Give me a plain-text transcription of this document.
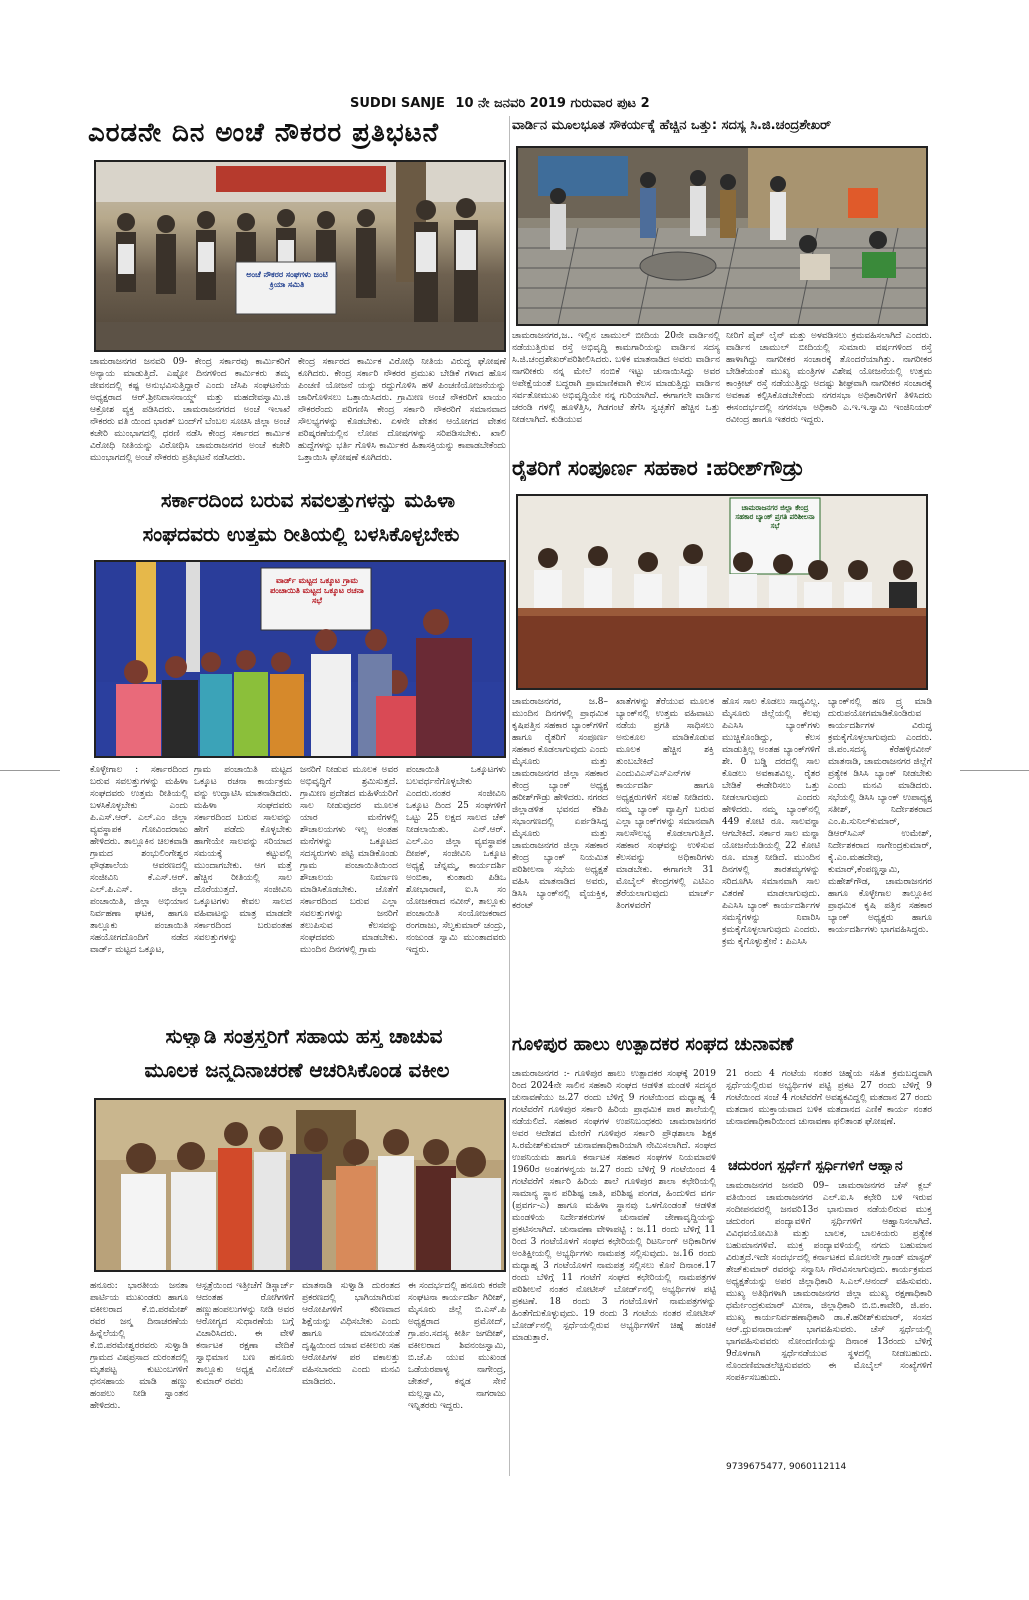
SUDDI SANJE 10 ನೇ ಜನವರಿ 2019 ಗುರುವಾರ ಪುಟ 2
ಎರಡನೇ ದಿನ ಅಂಚೆ ನೌಕರರ ಪ್ರತಿಭಟನೆ
ಅಂಚೆ ನೌಕರರ ಸಂಘಗಳು ಜಂಟಿ ಕ್ರಿಯಾ ಸಮಿತಿ
ಚಾಮರಾಜನಗರ ಜನವರಿ 09- ಕೇಂದ್ರ ಸರ್ಕಾರವು ಕಾರ್ಮಿಕರಿಗೆ ಅನ್ಯಾಯ ಮಾಡುತ್ತಿದೆ. ಎಷ್ಟೋ ದಿನಗಳಿಂದ ಕಾರ್ಮಿಕರು ತಮ್ಮ ಜೀವನದಲ್ಲಿ ಕಷ್ಟ ಅನುಭವಿಸುತ್ತಿದ್ದಾರೆ ಎಂದು ಜೆಸಿಪಿ ಸಂಘಟನೆಯ ಅಧ್ಯಕ್ಷರಾದ ಆರ್.ಶ್ರೀನಿವಾಸನಾಯ್ಡ್ ಮತ್ತು ಮಹದೇವಸ್ವಾಮಿ.ಜಿ ಆಕ್ರೋಶ ವ್ಯಕ್ತ ಪಡಿಸಿದರು. ಚಾಮರಾಜನಗರದ ಅಂಚೆ ಇಲಾಖೆ ನೌಕರರು ವತಿ ಯಿಂದ ಭಾರತ್ ಬಂದ್‌ಗೆ ಬೆಂಬಲ ಸೂಚಿಸಿ ಜಿಲ್ಲಾ ಅಂಚೆ ಕಚೇರಿ ಮುಂಭಾಗದಲ್ಲಿ ಧರಣಿ ನಡೆಸಿ ಕೇಂದ್ರ ಸರ್ಕಾರದ ಕಾರ್ಮಿಕ ವಿರೋಧಿ ನೀತಿಯನ್ನು ವಿರೋಧಿಸಿ ಚಾಮರಾಜನಗರ ಅಂಚೆ ಕಚೇರಿ ಮುಂಭಾಗದಲ್ಲಿ ಅಂಚೆ ನೌಕರರು ಪ್ರತಿಭಟನೆ ನಡೆಸಿದರು.
ಕೇಂದ್ರ ಸರ್ಕಾರದ ಕಾರ್ಮಿಕ ವಿರೋಧಿ ನೀತಿಯ ವಿರುದ್ಧ ಘೋಷಣೆ ಕೂಗಿದರು. ಕೇಂದ್ರ ಸರ್ಕಾರಿ ನೌಕರರ ಪ್ರಮುಖ ಬೇಡಿಕೆ ಗಳಾದ ಹೊಸ ಪಿಂಚಣಿ ಯೋಜನೆ ಯನ್ನು ರದ್ದುಗೊಳಿಸಿ ಹಳೆ ಪಿಂಚಣಿಯೋಜನೆಯನ್ನು ಜಾರಿಗೊಳಿಸಲು ಒತ್ತಾಯಿಸಿದರು. ಗ್ರಾಮೀಣ ಅಂಚೆ ನೌಕರರಿಗೆ ಖಾಯಂ ನೌಕರರೆಂದು ಪರಿಗಣಿಸಿ ಕೇಂದ್ರ ಸರ್ಕಾರಿ ನೌಕರರಿಗೆ ಸಮಾನವಾದ ಸೌಲಭ್ಯಗಳನ್ನು ಕೊಡಬೇಕು. ಏಳನೇ ವೇತನ ಆಯೋಗದ ವೇತನ ಪರಿಷ್ಕರಣೆಯಲ್ಲಿನ ಲೋಪ ದೋಷಗಳನ್ನು ಸರಿಪಡಿಸಬೇಕು. ಖಾಲಿ ಹುದ್ದೆಗಳನ್ನು ಭರ್ತಿ ಗೊಳಿಸಿ ಕಾರ್ಮಿಕರ ಹಿತಾಸಕ್ತಿಯನ್ನು ಕಾಪಾಡಬೇಕೆಂದು ಒತ್ತಾಯಿಸಿ ಘೋಷಣೆ ಕೂಗಿದರು.
ಸರ್ಕಾರದಿಂದ ಬರುವ ಸವಲತ್ತುಗಳನ್ನು ಮಹಿಳಾ
ಸಂಘದವರು ಉತ್ತಮ ರೀತಿಯಲ್ಲಿ ಬಳಸಿಕೊಳ್ಳಬೇಕು
ವಾರ್ಡ್ ಮಟ್ಟದ ಒಕ್ಕೂಟ ಗ್ರಾಮ ಪಂಚಾಯಿತಿ ಮಟ್ಟದ ಒಕ್ಕೂಟ ರಚನಾ ಸಭೆ
ಕೊಳ್ಳೇಗಾಲ : ಸರ್ಕಾರದಿಂದ ಬರುವ ಸವಲತ್ತುಗಳನ್ನು ಮಹಿಳಾ ಸಂಘದವರು ಉತ್ತಮ ರೀತಿಯಲ್ಲಿ ಬಳಸಿಕೊಳ್ಳಬೇಕು ಎಂದು ಪಿ.ಎಸ್.ಆರ್. ಎಲ್.ಎಂ ಜಿಲ್ಲಾ ವ್ಯವಸ್ಥಾಪಕ ಗೋವಿಂದರಾಜು ಹೇಳಿದರು. ತಾಲ್ಲೂಕಿನ ಚಿಲಕವಾಡಿ ಗ್ರಾಮದ ಶಂಭುಲಿಂಗೇಶ್ವರ ಫೌಢಶಾಲೆಯ ಆವರಣದಲ್ಲಿ ಸಂಜೀವಿನಿ ಕೆ.ಎಸ್.ಆರ್. ಎಲ್.ಪಿ.ಎಸ್. ಜಿಲ್ಲಾ ಪಂಚಾಯಿತಿ, ಜಿಲ್ಲಾ ಅಭಿಯಾನ ನಿರ್ವಹಣಾ ಘಟಕ, ಹಾಗೂ ತಾಲ್ಲೂಕು ಪಂಚಾಯಿತಿ ಸಹಯೋಗದೊಂದಿಗೆ ನಡೆದ ವಾರ್ಡ್ ಮಟ್ಟದ ಒಕ್ಕೂಟ,
ಗ್ರಾಮ ಪಂಚಾಯಿತಿ ಮಟ್ಟದ ಒಕ್ಕೂಟ ರಚನಾ ಕಾರ್ಯಕ್ರಮ ವನ್ನು ಉದ್ಘಾಟಿಸಿ ಮಾತನಾಡಿದರು. ಮಹಿಳಾ ಸಂಘದವರು ಸರ್ಕಾರದಿಂದ ಬರುವ ಸಾಲವನ್ನು ಹೇಗೆ ಪಡೆದು ಕೊಳ್ಳಬೇಕು ಹಾಗೇಯೇ ಸಾಲವನ್ನು ಸರಿಯಾದ ಸಮಯಕ್ಕೆ ಕಟ್ಟುವಲ್ಲಿ ಮುಂದಾಗಬೇಕು. ಆಗ ಮತ್ತೆ ಹೆಚ್ಚಿನ ರೀತಿಯಲ್ಲಿ ಸಾಲ ದೊರೆಯುತ್ತದೆ. ಸಂಜೀವಿನಿ ಒಕ್ಕೂಟಗಳು ಕೇವಲ ಸಾಲದ ವಹಿವಾಟನ್ನು ಮಾತ್ರ ಮಾಡದೇ ಸರ್ಕಾರದಿಂದ ಬರುವಂತಹ ಸವಲತ್ತುಗಳನ್ನು
ಜನರಿಗೆ ನೀಡುವ ಮೂಲಕ ಅವರ ಅಭಿವೃದ್ಧಿಗೆ ಶ್ರಮಿಸುತ್ತದೆ. ಗ್ರಾಮೀಣ ಪ್ರದೇಶದ ಮಹಿಳೆಯರಿಗೆ ಸಾಲ ನೀಡುವುದರ ಮೂಲಕ ಯಾರ ಮನೆಗಳಲ್ಲಿ ಶೌಚಾಲಯಗಳು ಇಲ್ಲ ಅಂತಹ ಮನೆಗಳನ್ನು ಒಕ್ಕೂಟದ ಸದಸ್ಯರುಗಳು ಪಟ್ಟಿ ಮಾಡಿಕೊಂಡು ಗ್ರಾಮ ಪಂಚಾಯಿತಿಯಿಂದ ಶೌಚಾಲಯ ನಿರ್ಮಾಣ ಮಾಡಿಸಿಕೊಡಬೇಕು. ಜೊತೆಗೆ ಸರ್ಕಾರದಿಂದ ಬರುವ ಎಲ್ಲಾ ಸವಲತ್ತುಗಳನ್ನು ಜನರಿಗೆ ತಲುಪಿಸುವ ಕೆಲಸವನ್ನು ಸಂಘದವರು ಮಾಡಬೇಕು. ಮುಂದಿನ ದಿನಗಳಲ್ಲಿ ಗ್ರಾಮ
ಪಂಚಾಯಿತಿ ಒಕ್ಕೂಟಗಳು ಬಲವರ್ಧನೆಗೊಳ್ಳಬೇಕು ಎಂದರು.ನಂತರ ಸಂಜೀವಿನಿ ಒಕ್ಕೂಟ ದಿಂದ 25 ಸಂಘಗಳಿಗೆ ಒಟ್ಟು 25 ಲಕ್ಷದ ಸಾಲದ ಚೆಕ್ ನೀಡಲಾಯಿತು. ಎನ್.ಆರ್. ಎಲ್.ಎಂ ಜಿಲ್ಲಾ ವ್ಯವಸ್ಥಾಪಕ ದೀಪಕ್, ಸಂಜೀವಿನಿ ಒಕ್ಕೂಟ ಅಧ್ಯಕ್ಷೆ ಚೆನ್ನಮ್ಮ, ಕಾರ್ಯದರ್ಶಿ ಅಂಬಿಕಾ, ಕುಂತಾರು ಪಿಡಿಒ ಶೋಭಾರಾಣಿ, ಐ.ಸಿ ಸಂ ಯೋಜಕರಾದ ನವೀನ್, ತಾಲ್ಲೂಕು ಪಂಚಾಯಿತಿ ಸಂಯೋಜಕರಾದ ರಂಗರಾಜು, ಸೆಲ್ವಕುಮಾರ್ ಚಂದ್ರು, ನಂಜುಂಡ ಸ್ವಾಮಿ ಮುಂತಾದವರು ಇದ್ದರು.
ಸುಳ್ವಾಡಿ ಸಂತ್ರಸ್ತರಿಗೆ ಸಹಾಯ ಹಸ್ತ ಚಾಚುವ
ಮೂಲಕ ಜನ್ಮದಿನಾಚರಣೆ ಆಚರಿಸಿಕೊಂಡ ವಕೀಲ
ಹನೂರು: ಭಾರತೀಯ ಜನತಾ ಪಾರ್ಟಿಯ ಮುಖಂಡರು ಹಾಗೂ ವಕೀಲರಾದ ಕೆ.ಬಿ.ಪರಮೇಶ್ ರವರ ಜನ್ಮ ದಿನಾಚರಣೆಯ ಹಿನ್ನೆಲೆಯಲ್ಲಿ ಕೆ.ಬಿ.ಪರಮೇಶ್ವರರವರು ಸುಳ್ವಾಡಿ ಗ್ರಾಮದ ವಿಷಪ್ರಸಾದ ದುರಂತದಲ್ಲಿ ಮೃತಪಟ್ಟ ಕುಟುಂಬಗಳಿಗೆ ಧನಸಹಾಯ ಮಾಡಿ ಹಣ್ಣು ಹಂಪಲು ನೀಡಿ ಸ್ವಾಂತನ ಹೇಳಿದರು.
ಆಸ್ಪತ್ರೆಯಿಂದ ಇತ್ತೀಚೆಗೆ ಡಿಸ್ಚಾರ್ಜ್ ಆದಂತಹ ರೋಗಿಗಳಿಗೆ ಹಣ್ಣುಹಂಪಲುಗಳನ್ನು ನೀಡಿ ಅವರ ಆರೋಗ್ಯದ ಸುಧಾರಣೆಯ ಬಗ್ಗೆ ವಿಚಾರಿಸಿದರು. ಈ ವೇಳೆ ಕರ್ನಾಟಕ ರಕ್ಷಣಾ ವೇದಿಕೆ ಸ್ವಾಭಿಮಾನ ಬಣ ಹನೂರು ತಾಲ್ಲೂಕು ಅಧ್ಯಕ್ಷ ವಿನೋದ್ ಕುಮಾರ್ ರವರು
ಮಾತನಾಡಿ ಸುಳ್ವಾಡಿ ದುರಂತದ ಪ್ರಕರಣದಲ್ಲಿ ಭಾಗಿಯಾಗಿರುವ ಆರೋಪಿಗಳಿಗೆ ಕಠಿಣವಾದ ಶಿಕ್ಷೆಯನ್ನು ವಿಧಿಸಬೇಕು ಎಂದು ಹಾಗೂ ಮಾನವೀಯತೆ ದೃಷ್ಟಿಯಿಂದ ಯಾವ ವಕೀಲರು ಸಹ ಆರೋಪಿಗಳ ಪರ ವಕಾಲತ್ತು ವಹಿಸಬಾರದು ಎಂದು ಮನವಿ ಮಾಡಿದರು.
ಈ ಸಂದರ್ಭದಲ್ಲಿ ಹನೂರು ಕರವೇ ಸಂಘಟನಾ ಕಾರ್ಯದರ್ಶಿ ಗಿರೀಶ್, ಮೈಸೂರು ಜಿಲ್ಲೆ ಬಿ.ಎಸ್.ಪಿ ಅಧ್ಯಕ್ಷರಾದ ಪ್ರಮೋದ್, ಗ್ರಾ.ಪಂ.ಸದಸ್ಯ ಕೀರ್ತಿ ಜಗದೀಶ್, ವಕೀಲರಾದ ಶಿವನಂಜಸ್ವಾಮಿ, ಬಿ.ಜೆ.ಪಿ ಯುವ ಮುಖಂಡ ಒಡೆಯರಪಾಳ್ಯ ನಾಗೇಂದ್ರ, ಚೇತನ್, ಕನ್ನಡ ಸೇನೆ ಮಲ್ಲಸ್ವಾಮಿ, ನಾಗರಾಜು ಇನ್ನಿತರರು ಇದ್ದರು.
ವಾರ್ಡಿನ ಮೂಲಭೂತ ಸೌಕರ್ಯಕ್ಕೆ ಹೆಚ್ಚಿನ ಒತ್ತು: ಸದಸ್ಯ ಸಿ.ಜಿ.ಚಂದ್ರಶೇಖರ್
ಚಾಮರಾಜನಗರ,ಜ.. ಇಲ್ಲಿನ ಚಾಮುಲ್ ಬೀದಿಯ 20ನೇ ವಾರ್ಡಿನಲ್ಲಿ ನಡೆಯುತ್ತಿರುವ ರಸ್ತೆ ಅಭಿವೃದ್ಧಿ ಕಾಮಗಾರಿಯನ್ನು ವಾರ್ಡಿನ ಸದಸ್ಯ ಸಿ.ಜಿ.ಚಂದ್ರಶೇಖರ್‌ಪರಿಶೀಲಿಸಿದರು. ಬಳಿಕ ಮಾತನಾಡಿದ ಅವರು ವಾರ್ಡಿನ ನಾಗರೀಕರು ನನ್ನ ಮೇಲೆ ನಂಬಿಕೆ ಇಟ್ಟು ಚುನಾಯಿಸಿದ್ದು ಅವರ ಅಪೇಕ್ಷೆಯಂತೆ ಬದ್ಧರಾಗಿ ಪ್ರಾಮಾಣಿಕವಾಗಿ ಕೆಲಸ ಮಾಡುತ್ತಿದ್ದು ವಾರ್ಡಿನ ಸರ್ವತೋಮುಖ ಅಭಿವೃದ್ಧಿಯೇ ನನ್ನ ಗುರಿಯಾಗಿದೆ. ಈಗಾಗಲೇ ವಾರ್ಡಿನ ಚರಂಡಿ ಗಳಲ್ಲಿ ಹೂಳೆತ್ತಿಸಿ, ಗಿಡಗಂಟೆ ತೆಗೆಸಿ ಸ್ವಚ್ಛತೆಗೆ ಹೆಚ್ಚಿನ ಒತ್ತು ನೀಡಲಾಗಿದೆ. ಕುಡಿಯುವ
ನೀರಿಗೆ ಪೈಪ್ ಲೈನ್ ಮತ್ತು ಅಳವಡಿಸಲು ಕ್ರಮವಹಿಸಲಾಗಿದೆ ಎಂದರು. ವಾರ್ಡಿನ ಚಾಮುಲ್ ಬೀದಿಯಲ್ಲಿ ಸುಮಾರು ವರ್ಷಗಳಿಂದ ರಸ್ತೆ ಹಾಳಾಗಿದ್ದು ನಾಗರೀಕರ ಸಂಚಾರಕ್ಕೆ ತೊಂದರೆಯಾಗಿತ್ತು. ನಾಗರೀಕರ ಬೇಡಿಕೆಯಂತೆ ಮುಖ್ಯ ಮಂತ್ರಿಗಳ ವಿಶೇಷ ಯೋಜನೆಯಲ್ಲಿ ಉತ್ತಮ ಕಾಂಕ್ರೀಟ್ ರಸ್ತೆ ನಡೆಯುತ್ತಿದ್ದು ಅದಷ್ಟು ಶೀಘ್ರವಾಗಿ ನಾಗರೀಕರ ಸಂಚಾರಕ್ಕೆ ಅವಕಾಶ ಕಲ್ಪಿಸಿಕೊಡಬೇಕೆಂದು ನಗರಸಭಾ ಅಧಿಕಾರಿಗಳಿಗೆ ತಿಳಿಸಿದರು ಈಸಂದರ್ಭದಲ್ಲಿ ನಗರಸಭಾ ಅಧಿಕಾರಿ ಎ.ಇ.ಇ.ಸ್ವಾಮಿ ಇಂಜಿನಿಯರ್ ರವೀಂದ್ರ ಹಾಗೂ ಇತರರು ಇದ್ದರು.
ರೈತರಿಗೆ ಸಂಪೂರ್ಣ ಸಹಕಾರ :ಹರೀಶ್‌ಗೌಡ್ರು
ಚಾಮರಾಜನಗರ ಜಿಲ್ಲಾ ಕೇಂದ್ರ ಸಹಕಾರ ಬ್ಯಾಂಕ್ ಪ್ರಗತಿ ಪರಿಶೀಲನಾ ಸಭೆ
ಚಾಮರಾಜನಗರ, ಜ.8– ಮುಂದಿನ ದಿನಗಳಲ್ಲಿ ಪ್ರಾಥಮಿಕ ಕೃಷಿಪತ್ತಿನ ಸಹಕಾರ ಬ್ಯಾಂಕ್‌ಗಳಿಗೆ ಹಾಗೂ ರೈತರಿಗೆ ಸಂಪೂರ್ಣ ಸಹಕಾರ ಕೊಡಲಾಗುವುದು ಎಂದು ಮೈಸೂರು ಮತ್ತು ಚಾಮರಾಜನಗರ ಜಿಲ್ಲಾ ಸಹಕಾರ ಕೇಂದ್ರ ಬ್ಯಾಂಕ್ ಅಧ್ಯಕ್ಷ ಹರೀಶ್‌ಗೌಡ್ರು ಹೇಳಿದರು. ನಗರದ ಜಿಲ್ಲಾಡಳಿತ ಭವನದ ಕೆಡಿಪಿ ಸಭಾಂಗಣದಲ್ಲಿ ಏರ್ಪಡಿಸಿದ್ದ ಮೈಸೂರು ಮತ್ತು ಚಾಮರಾಜನಗರ ಜಿಲ್ಲಾ ಸಹಕಾರ ಕೇಂದ್ರ ಬ್ಯಾಂಕ್ ನಿಯಮಿತ ಪರಿಶೀಲನಾ ಸಭೆಯ ಅಧ್ಯಕ್ಷತೆ ವಹಿಸಿ ಮಾತನಾಡಿದ ಅವರು, ಡಿಸಿಸಿ ಬ್ಯಾಂಕ್‌ನಲ್ಲಿ ವೈಯಕ್ತಿಕ, ಕರಂಟ್
ಖಾತೆಗಳನ್ನು ತೆರೆಯುವ ಮೂಲಕ ಬ್ಯಾಂಕ್‌ನಲ್ಲಿ ಉತ್ತಮ ವಹಿವಾಟು ನಡೆಯ ಪ್ರಗತಿ ಸಾಧಿಸಲು ಅನುಕೂಲ ಮಾಡಿಕೊಡುವ ಮೂಲಕ ಹೆಚ್ಚಿನ ಶಕ್ತಿ ತುಂಬಬೇಕಿದೆ ಎಂದುವಿಎಸ್ಎಸ್ಎನ್‌ಗಳ ಕಾರ್ಯದರ್ಶಿ ಹಾಗೂ ಅಧ್ಯಕ್ಷರುಗಳಿಗೆ ಸಲಹೆ ನೀಡಿದರು. ನಮ್ಮ ಬ್ಯಾಂಕ್ ವ್ಯಾಪ್ತಿಗೆ ಬರುವ ಎಲ್ಲಾ ಬ್ಯಾಂಕ್‌ಗಳನ್ನು ಸಮಾನವಾಗಿ ಸಾಲಸೌಲಭ್ಯ ಕೊಡಲಾಗುತ್ತಿದೆ. ಸಹಕಾರ ಸಂಘವನ್ನು ಉಳಿಸುವ ಕೆಲಸವನ್ನು ಅಧಿಕಾರಿಗಳು ಮಾಡಬೇಕು. ಈಗಾಗಲೇ 31 ಮೊಬೈಲ್ ಕೇಂದ್ರಗಳಲ್ಲಿ ಎಟಿಎಂ ತೆರೆಯಲಾಗುವುದು ಮಾರ್ಚ್ ತಿಂಗಳವರೆಗೆ
ಹೊಸ ಸಾಲ ಕೊಡಲು ಸಾಧ್ಯವಿಲ್ಲ. ಮೈಸೂರು ಜಿಲ್ಲೆಯಲ್ಲಿ ಕೆಲವು ಪಿಎಸಿಸಿ ಬ್ಯಾಂಕ್‌ಗಳು ಮುಚ್ಚಿಕೊಂಡಿದ್ದು, ಕೆಲಸ ಮಾಡುತ್ತಿಲ್ಲ ಅಂತಹ ಬ್ಯಾಂಕ್‌ಗಳಿಗೆ ಶೇ. 0 ಬಡ್ಡಿ ದರದಲ್ಲಿ ಸಾಲ ಕೊಡಲು ಅವಕಾಶವಿಲ್ಲ. ರೈತರ ಬೇಡಿಕೆ ಈಡೇರಿಸಲು ಒತ್ತು ನೀಡಲಾಗುವುದು ಎಂದರು ಹೇಳಿದರು. ನಮ್ಮ ಬ್ಯಾಂಕ್‌ನಲ್ಲಿ 449 ಕೋಟಿ ರೂ. ಸಾಲವನ್ನಾ ಆಗಬೇಕಿದೆ. ಸರ್ಕಾರ ಸಾಲ ಮನ್ನಾ ಯೋಜನೆಯಡಿಯಲ್ಲಿ 22 ಕೋಟಿ ರೂ. ಮಾತ್ರ ನೀಡಿದೆ. ಮುಂದಿನ ದಿನಗಳಲ್ಲಿ ತಾರತಮ್ಯಗಳನ್ನು ಸರಿದೂಗಿಸಿ ಸಮಾನವಾಗಿ ಸಾಲ ವಿತರಣೆ ಮಾಡಲಾಗುವುದು. ಪಿಎಸಿಸಿ ಬ್ಯಾಂಕ್ ಕಾರ್ಯದರ್ಶಿಗಳ ಸಮಸ್ಯೆಗಳನ್ನು ನಿವಾರಿಸಿ ಕ್ರಮಕೈಗೊಳ್ಳಲಾಗುವುದು ಎಂದರು. ಕ್ರಮ ಕೈಗೊಳ್ಳುತ್ತೇನೆ : ಪಿಎಸಿಸಿ
ಬ್ಯಾಂಕ್‌ನಲ್ಲಿ ಹಣ ದ್ರ್ಯ ಮಾಡಿ ದುರುಪಯೋಗಮಾಡಿಕೊಂಡಿರುವ ಕಾರ್ಯದರ್ಶಿಗಳ ವಿರುದ್ಧ ಕ್ರಮಕೈಗೊಳ್ಳಲಾಗುವುದು ಎಂದರು. ಜಿ.ಪಂ.ಸದಸ್ಯ ಕೆರೆಹಳ್ಳಿನವೀನ್ ಮಾತನಾಡಿ, ಚಾಮರಾಜನಗರ ಜಿಲ್ಲೆಗೆ ಪ್ರತ್ಯೇಕ ಡಿಸಿಸಿ ಬ್ಯಾಂಕ್ ನೀಡಬೇಕು ಎಂದು ಮನವಿ ಮಾಡಿದರು. ಸಭೆಯಲ್ಲಿ ಡಿಸಿಸಿ ಬ್ಯಾಂಕ್ ಉಪಾಧ್ಯಕ್ಷ ಸತೀಶ್, ನಿರ್ದೇಶಕರಾದ ಎಂ.ಪಿ.ಸುನಿಲ್‌ಕುಮಾರ್, ಡಿಆರ್‌ಸಿಎಸ್ ಉಮೇಶ್, ನಿರ್ದೇಶಕರಾದ ನಾಗೇಂದ್ರಕುಮಾರ್, ಕೈ.ಎಂ.ಮಹದೇವು, ಕುಮಾರ್,ಕೆಂಪಣ್ಣಸ್ವಾಮಿ, ಮಹೇಶ್‌ಗೌಡ, ಚಾಮರಾಜನಗರ ಹಾಗೂ ಕೊಳ್ಳೇಗಾಲ ತಾಲ್ಲೂಕಿನ ಪ್ರಾಥಮಿಕ ಕೃಷಿ ಪತ್ತಿನ ಸಹಕಾರ ಬ್ಯಾಂಕ್ ಅಧ್ಯಕ್ಷರು ಹಾಗೂ ಕಾರ್ಯದರ್ಶಿಗಳು ಭಾಗವಹಿಸಿದ್ದರು.
ಗೂಳಿಪುರ ಹಾಲು ಉತ್ಪಾದಕರ ಸಂಘದ ಚುನಾವಣೆ
ಚಾಮರಾಜನಗರ :- ಗೂಳಿಪುರ ಹಾಲು ಉತ್ಪಾದಕರ ಸಂಘಕ್ಕೆ 2019 ರಿಂದ 2024ನೇ ಸಾಲಿನ ಸಹಕಾರಿ ಸಂಘದ ಆಡಳಿತ ಮಂಡಳಿ ಸದಸ್ಯರ ಚುನಾವಣೆಯು ಜ.27 ರಂದು ಬೆಳಿಗ್ಗೆ 9 ಗಂಟೆಯಿಂದ ಮಧ್ಯಾಹ್ನ 4 ಗಂಟೆವರೆಗೆ ಗೂಳಿಪುರ ಸರ್ಕಾರಿ ಹಿರಿಯ ಪ್ರಾಥಮಿಕ ಪಾಠ ಶಾಲೆಯಲ್ಲಿ ನಡೆಯಲಿದೆ. ಸಹಕಾರ ಸಂಘಗಳ ಉಪನಿಬಂಧಕರು ಚಾಮರಾಜನಗರ ಅವರ ಆದೇಶದ ಮೇರೆಗೆ ಗೂಳಿಪುರ ಸರ್ಕಾರಿ ಪ್ರೌಢಶಾಲಾ ಶಿಕ್ಷಕ ಸಿ.ರಮೇಶ್‌ಕುಮಾರ್ ಚುನಾವಣಾಧಿಕಾರಿಯಾಗಿ ನೇಮಿಸಲಾಗಿದೆ. ಸಂಘದ ಉಪನಿಯಮ ಹಾಗೂ ಕರ್ನಾಟಕ ಸಹಕಾರ ಸಂಘಗಳ ನಿಯಮಾವಳಿ 1960ರ ಅಂಶಗಳನ್ವಯ ಜ.27 ರಂದು ಬೆಳಿಗ್ಗೆ 9 ಗಂಟೆಯಿಂದ 4 ಗಂಟೆವರೆಗೆ ಸರ್ಕಾರಿ ಹಿರಿಯ ಶಾಲೆ ಗೂಳಿಪುರ ಶಾಲಾ ಕಛೇರಿಯಲ್ಲಿ ಸಾಮಾನ್ಯ ಸ್ಥಾನ ಪರಿಶಿಷ್ಟ ಜಾತಿ, ಪರಿಶಿಷ್ಟ ಪಂಗಡ, ಹಿಂದುಳಿದ ವರ್ಗ (ಪ್ರವರ್ಗ-ಎ) ಹಾಗೂ ಮಹಿಳಾ ಸ್ಥಾನವು ಒಳಗೊಂಡಂತೆ ಆಡಳಿತ ಮಂಡಳಿಯ ನಿರ್ದೇಶಕರುಗಳ ಚುನಾವಣೆ ಜೇಣಾವೃದ್ದಿಯನ್ನು ಪ್ರಕಟಿಸಲಾಗಿದೆ. ಚುನಾವಣಾ ವೇಳಾಪಟ್ಟಿ : ಜ.11 ರಂದು ಬೆಳಿಗ್ಗೆ 11 ರಿಂದ 3 ಗಂಟೆಯೊಳಗೆ ಸಂಘದ ಕಛೇರಿಯಲ್ಲಿ ರಿಟರ್ನಿಂಗ್ ಅಧಿಕಾರಿಗಳ ಅಂತಿಕ್ಷೀಯಲ್ಲಿ ಅಭ್ಯರ್ಥಿಗಳು ನಾಮಪತ್ರ ಸಲ್ಲಿಸುವುದು. ಜ.16 ರಂದು ಮಧ್ಯಾಹ್ನ 3 ಗಂಟೆಯೊಳಗೆ ನಾಮಪತ್ರ ಸಲ್ಲಿಸಲು ಕೊನೆ ದಿನಾಂಕ.17 ರಂದು ಬೆಳಿಗ್ಗೆ 11 ಗಂಟೆಗೆ ಸಂಘದ ಕಛೇರಿಯಲ್ಲಿ ನಾಮಪತ್ರಗಳ ಪರಿಶೀಲನೆ ನಂತರ ನೋಟೀಸ್ ಬೋರ್ಡ್‌ನಲ್ಲಿ ಅಭ್ಯರ್ಥಿಗಳ ಪಟ್ಟಿ ಪ್ರಕಟಣೆ. 18 ರಂದು 3 ಗಂಟೆಯೊಳಗೆ ನಾಮಪತ್ರಗಳನ್ನು ಹಿಂತೆಗೆದುಕೊಳ್ಳುವುದು. 19 ರಂದು 3 ಗಂಟೆಯ ನಂತರ ನೋಟೀಸ್ ಬೋರ್ಡ್‌ನಲ್ಲಿ ಸ್ಪರ್ಧೆಯಲ್ಲಿರುವ ಅಭ್ಯರ್ಥಿಗಳಿಗೆ ಚಿಹ್ನೆ ಹಂಚಿಕೆ ಮಾಡುತ್ತಾರೆ.
21 ರಂದು 4 ಗಂಟೆಯ ನಂತರ ಚಿಹ್ನೆಯ ಸಹಿತ ಕ್ರಮಬದ್ಧವಾಗಿ ಸ್ಪರ್ಧೆಯಲ್ಲಿರುವ ಅಭ್ಯರ್ಥಿಗಳ ಪಟ್ಟಿ ಪ್ರಕಟ 27 ರಂದು ಬೆಳಿಗ್ಗೆ 9 ಗಂಟೆಯಿಂದ ಸಂಜೆ 4 ಗಂಟೆವರೆಗೆ ಅವಶ್ಯಕವಿದ್ದಲ್ಲಿ ಮತದಾನ 27 ರಂದು ಮತದಾನ ಮುಕ್ತಾಯವಾದ ಬಳಿಕ ಮತದಾನದ ಎಣಿಕೆ ಕಾರ್ಯ ನಂತರ ಚುನಾವಣಾಧಿಕಾರಿಯಿಂದ ಚುನಾವಣಾ ಫಲಿತಾಂಶ ಘೋಷಣೆ.
ಚದುರಂಗ ಸ್ಪರ್ಧೆಗೆ ಸ್ಪರ್ಧಿಗಳಿಗೆ ಆಹ್ವಾನ
ಚಾಮರಾಜನಗರ ಜನವರಿ 09– ಚಾಮರಾಜನಗರ ಚೆಸ್ ಕ್ಲಬ್ ವತಿಯಿಂದ ಚಾಮರಾಜನಗರ ಎಲ್.ಐ.ಸಿ ಕಛೇರಿ ಬಳಿ ಇರುವ ಸಂದೀಪನವರಲ್ಲಿ ಜನವರಿ13ರ ಭಾನುವಾರ ನಡೆಯಲಿರುವ ಮುಕ್ತ ಚದುರಂಗ ಪಂದ್ಯಾವಳಿಗೆ ಸ್ಪರ್ಧಿಗಳಿಗೆ ಆಹ್ವಾನಿಸಲಾಗಿದೆ. ವಿವಿಧವಯೋಮಿತಿ ಮತ್ತು ಬಾಲಕ, ಬಾಲಕಿಯರು ಪ್ರತ್ಯೇಕ ಬಹುಮಾನಗಳಿವೆ. ಮುಕ್ತ ಪಂದ್ಯಾವಳಿಯಲ್ಲಿ ನಗದು ಬಹುಮಾನ ವಿರುತ್ತದೆ.ಇದೇ ಸಂದರ್ಭದಲ್ಲಿ ಕರ್ನಾಟಕದ ಮೊದಲನೇ ಗ್ರಾಂಡ್ ಮಾಸ್ಟರ್ ತೇಜ್‌ಕುಮಾರ್ ರವರನ್ನು ಸನ್ಮಾನಿಸಿ ಗೌರವಿಸಲಾಗುವುದು. ಕಾರ್ಯಕ್ರಮದ ಅಧ್ಯಕ್ಷತೆಯನ್ನು ಅಪರ ಜಿಲ್ಲಾಧಿಕಾರಿ ಸಿ.ಎಲ್.ಆನಂದ್ ವಹಿಸುವರು. ಮುಖ್ಯ ಅತಿಥಿಗಳಾಗಿ ಚಾಮರಾಜನಗರ ಜಿಲ್ಲಾ ಮುಖ್ಯ ರಕ್ಷಣಾಧಿಕಾರಿ ಧರ್ಮೇಂದ್ರಕುಮಾರ್ ಮೀನಾ, ಜಿಲ್ಲಾಧಿಕಾರಿ ಬಿ.ಬಿ.ಕಾವೇರಿ, ಜಿ.ಪಂ. ಮುಖ್ಯ ಕಾರ್ಯನಿರ್ವಹಣಾಧಿಕಾರಿ ಡಾ.ಕೆ.ಹರೀಶ್‌ಕುಮಾರ್, ಸಂಸದ ಆರ್.ಧ್ರುವನಾರಾಯಣ್ ಭಾಗವಹಿಸುವರು. ಚೆಸ್ ಸ್ಪರ್ಧೆಯಲ್ಲಿ ಭಾಗವಹಿಸುವವರು ನೋಂದಣಿಯನ್ನು ದಿನಾಂಕ 13ರಂದು ಬೆಳಿಗ್ಗೆ 9ರೊಳಗಾಗಿ ಸ್ಪರ್ಧೆನಡೆಯುವ ಸ್ಥಳದಲ್ಲಿ ನೀಡಬಹುದು. ನೊಂದಣಿಮಾಡಲೆಚ್ಚಿಸುವವರು ಈ ಮೊಬೈಲ್ ಸಂಖ್ಯೆಗಳಿಗೆ ಸಂಪರ್ಕಿಸಬಹುದು.
9739675477, 9060112114
